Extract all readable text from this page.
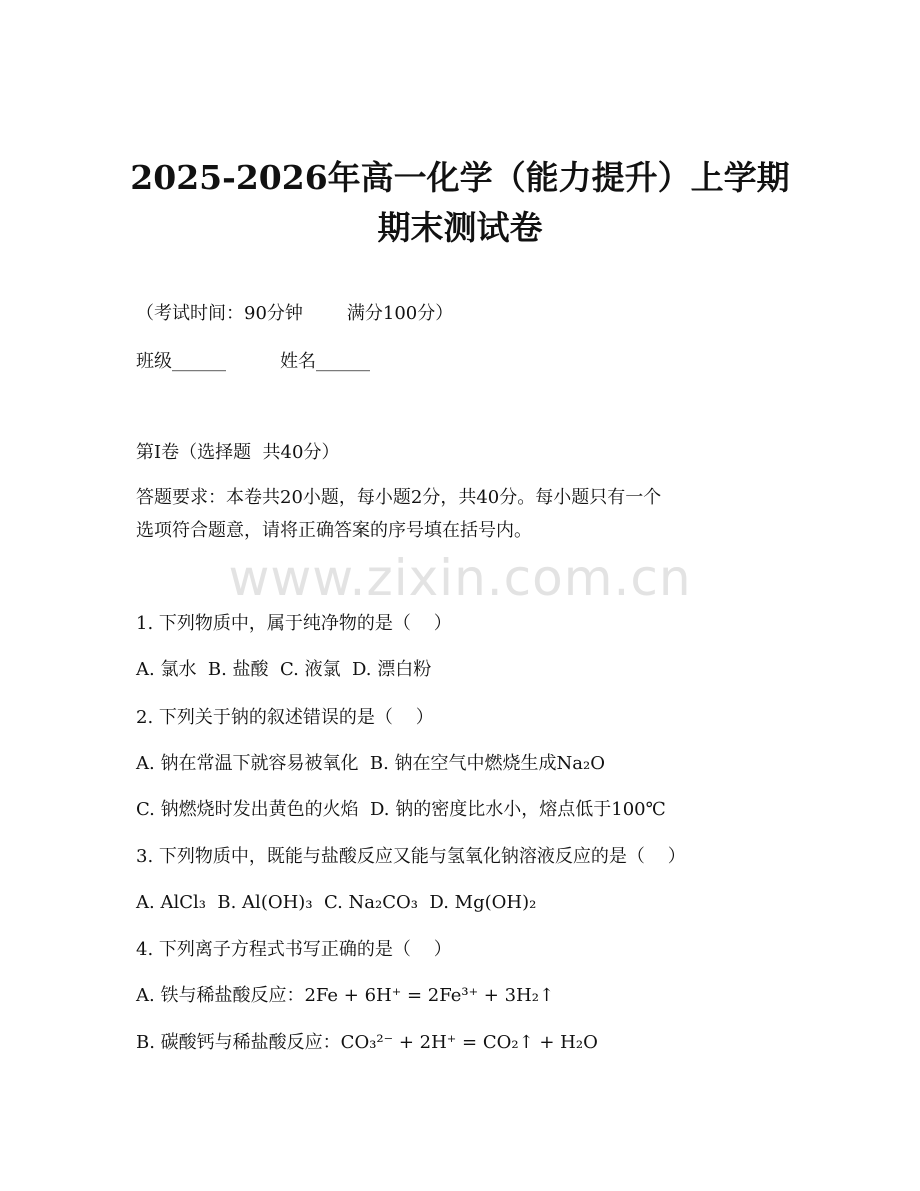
2025-2026年高一化学（能力提升）上学期
期末测试卷

（考试时间：90分钟 满分100分）

班级______	姓名______

第I卷（选择题  共40分）

答题要求：本卷共20小题，每小题2分，共40分。每小题只有一个

选项符合题意，请将正确答案的序号填在括号内。

www.zixin.com.cn

1. 下列物质中，属于纯净物的是（    ）

A. 氯水  B. 盐酸  C. 液氯  D. 漂白粉

2. 下列关于钠的叙述错误的是（    ）

A. 钠在常温下就容易被氧化  B. 钠在空气中燃烧生成Na₂O

C. 钠燃烧时发出黄色的火焰  D. 钠的密度比水小，熔点低于100℃

3. 下列物质中，既能与盐酸反应又能与氢氧化钠溶液反应的是（    ）

A. AlCl₃  B. Al(OH)₃  C. Na₂CO₃  D. Mg(OH)₂

4. 下列离子方程式书写正确的是（    ）

A. 铁与稀盐酸反应：2Fe + 6H⁺ = 2Fe³⁺ + 3H₂↑

B. 碳酸钙与稀盐酸反应：CO₃²⁻ + 2H⁺ = CO₂↑ + H₂O
